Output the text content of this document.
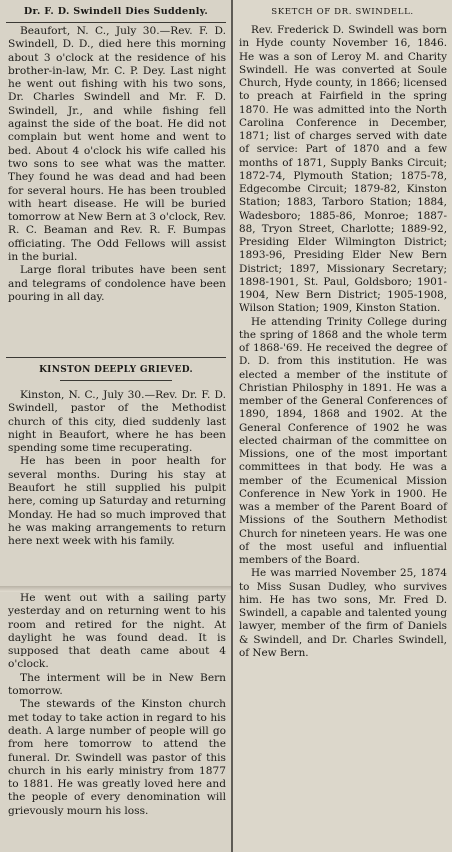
Dr. F. D. Swindell Dies Suddenly.

Beaufort, N. C., July 30.—Rev. F. D. Swindell, D. D., died here this morning about 3 o'clock at the residence of his brother-in-law, Mr. C. P. Dey. Last night he went out fishing with his two sons, Dr. Charles Swindell and Mr. F. D. Swindell, Jr., and while fishing fell against the side of the boat. He did not complain but went home and went to bed. About 4 o'clock his wife called his two sons to see what was the matter. They found he was dead and had been for several hours. He has been troubled with heart disease. He will be buried tomorrow at New Bern at 3 o'clock, Rev. R. C. Beaman and Rev. R. F. Bumpas officiating. The Odd Fellows will assist in the burial.

Large floral tributes have been sent and telegrams of condolence have been pouring in all day.

KINSTON DEEPLY GRIEVED.

Kinston, N. C., July 30.—Rev. Dr. F. D. Swindell, pastor of the Methodist church of this city, died suddenly last night in Beaufort, where he has been spending some time recuperating.

He has been in poor health for several months. During his stay at Beaufort he still supplied his pulpit here, coming up Saturday and returning Monday. He had so much improved that he was making arrangements to return here next week with his family.

He went out with a sailing party yesterday and on returning went to his room and retired for the night. At daylight he was found dead. It is supposed that death came about 4 o'clock.

The interment will be in New Bern tomorrow.

The stewards of the Kinston church met today to take action in regard to his death. A large number of people will go from here tomorrow to attend the funeral. Dr. Swindell was pastor of this church in his early ministry from 1877 to 1881. He was greatly loved here and the people of every denomination will grievously mourn his loss.

SKETCH OF DR. SWINDELL.

Rev. Frederick D. Swindell was born in Hyde county November 16, 1846. He was a son of Leroy M. and Charity Swindell. He was converted at Soule Church, Hyde county, in 1866; licensed to preach at Fairfield in the spring 1870. He was admitted into the North Carolina Conference in December, 1871; list of charges served with date of service: Part of 1870 and a few months of 1871, Supply Banks Circuit; 1872-74, Plymouth Station; 1875-78, Edgecombe Circuit; 1879-82, Kinston Station; 1883, Tarboro Station; 1884, Wadesboro; 1885-86, Monroe; 1887-88, Tryon Street, Charlotte; 1889-92, Presiding Elder Wilmington District; 1893-96, Presiding Elder New Bern District; 1897, Missionary Secretary; 1898-1901, St. Paul, Goldsboro; 1901-1904, New Bern District; 1905-1908, Wilson Station; 1909, Kinston Station.

He attending Trinity College during the spring of 1868 and the whole term of 1868-'69. He received the degree of D. D. from this institution. He was elected a member of the institute of Christian Philosphy in 1891. He was a member of the General Conferences of 1890, 1894, 1868 and 1902. At the General Conference of 1902 he was elected chairman of the committee on Missions, one of the most important committees in that body. He was a member of the Ecumenical Mission Conference in New York in 1900. He was a member of the Parent Board of Missions of the Southern Methodist Church for nineteen years. He was one of the most useful and influential members of the Board.

He was married November 25, 1874 to Miss Susan Dudley, who survives him. He has two sons, Mr. Fred D. Swindell, a capable and talented young lawyer, member of the firm of Daniels & Swindell, and Dr. Charles Swindell, of New Bern.
